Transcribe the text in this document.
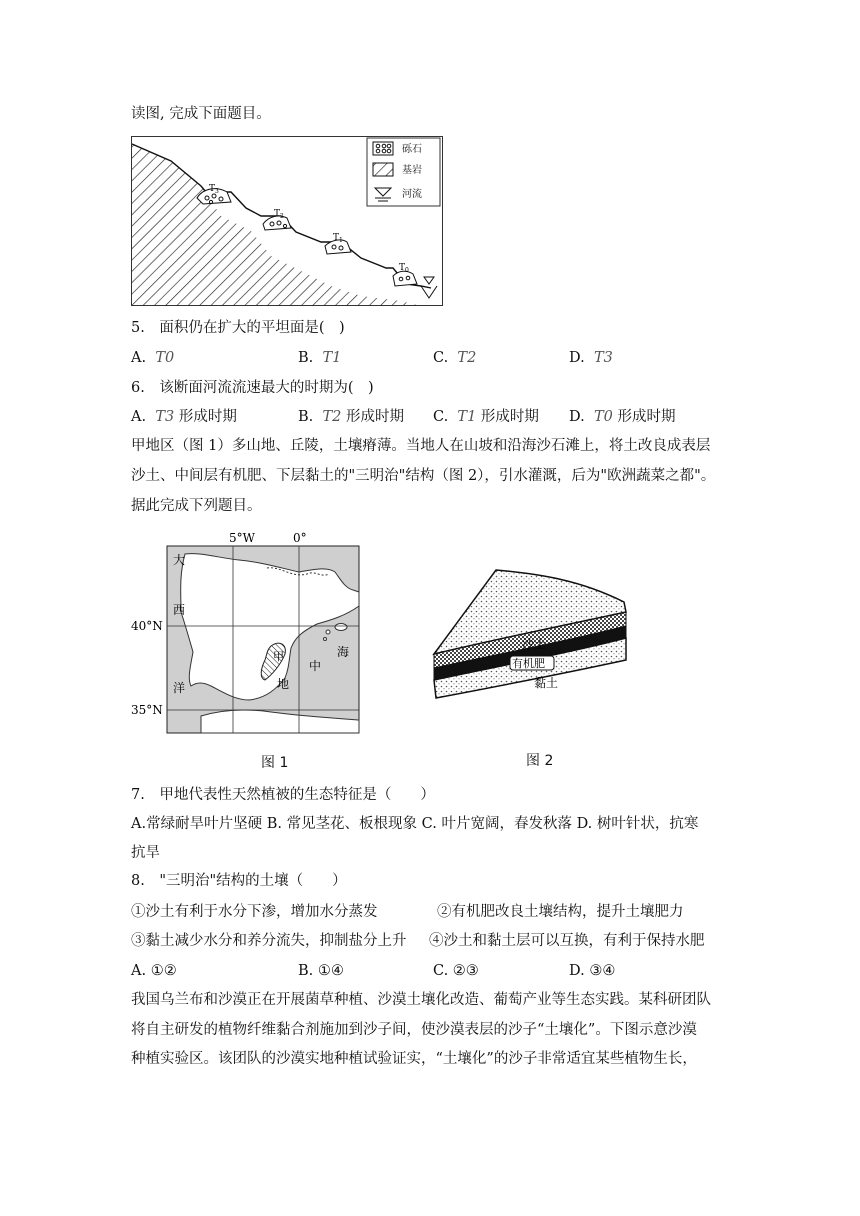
读图, 完成下面题目。
$T_3$
$T_2$
$T_1$
$T_0$
砾石
基岩
河流
5.　面积仍在扩大的平坦面是(　)
A. T0	B. T1	C. T2	D. T3
6.　该断面河流流速最大的时期为(　)
A. T3 形成时期	B. T2 形成时期 C. T1 形成时期 D. T0 形成时期
甲地区（图 1）多山地、丘陵，土壤瘠薄。当地人在山坡和沿海沙石滩上，将土改良成表层
沙土、中间层有机肥、下层黏土的"三明治"结构（图 2），引水灌溉，后为"欧洲蔬菜之都"。
据此完成下列题目。
5°W	0°
40°N
35°N
大
西
洋
甲
地
中
海
图 1
沙土
有机肥
黏土
图 2
7.　甲地代表性天然植被的生态特征是（　　）
A.常绿耐旱叶片坚硬 B. 常见茎花、板根现象 C. 叶片宽阔，春发秋落 D. 树叶针状，抗寒
抗旱
8.　"三明治"结构的土壤（　　）
①沙土有利于水分下渗，增加水分蒸发	②有机肥改良土壤结构，提升土壤肥力
③黏土减少水分和养分流失，抑制盐分上升 ④沙土和黏土层可以互换，有利于保持水肥
A. ①②	B. ①④	C. ②③	D. ③④
我国乌兰布和沙漠正在开展菌草种植、沙漠土壤化改造、葡萄产业等生态实践。某科研团队
将自主研发的植物纤维黏合剂施加到沙子间，使沙漠表层的沙子“土壤化”。下图示意沙漠
种植实验区。该团队的沙漠实地种植试验证实，“土壤化”的沙子非常适宜某些植物生长，
